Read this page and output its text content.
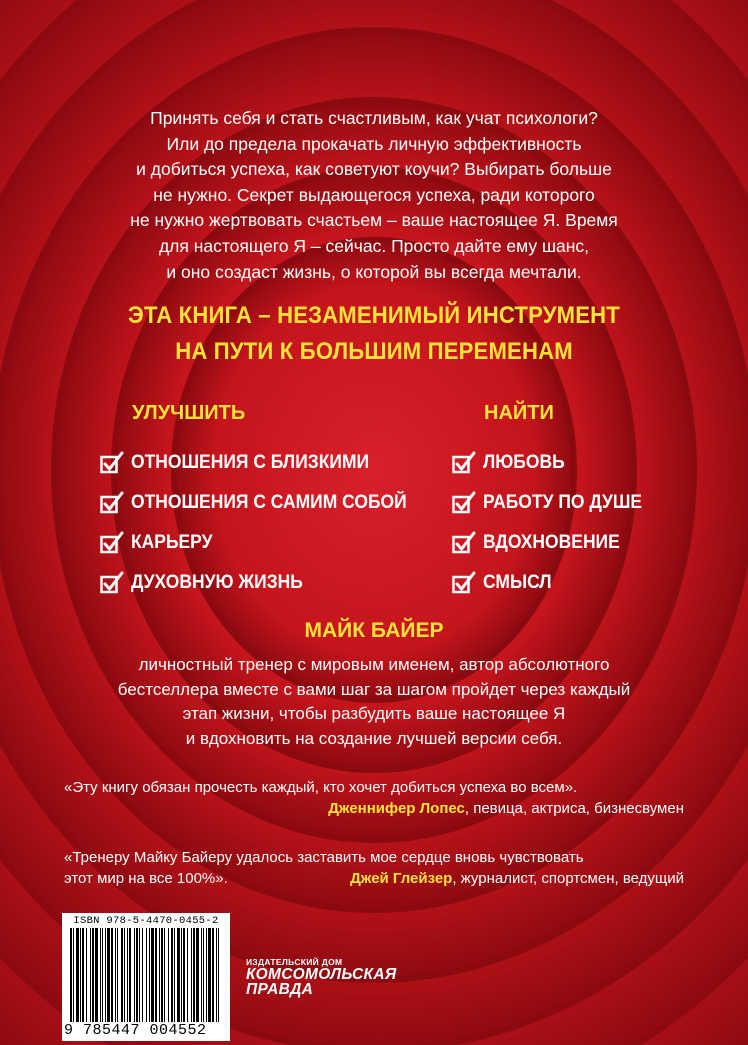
Принять себя и стать счастливым, как учат психологи?
Или до предела прокачать личную эффективность
и добиться успеха, как советуют коучи? Выбирать больше
не нужно. Секрет выдающегося успеха, ради которого
не нужно жертвовать счастьем – ваше настоящее Я. Время
для настоящего Я – сейчас. Просто дайте ему шанс,
и оно создаст жизнь, о которой вы всегда мечтали.
ЭТА КНИГА – НЕЗАМЕНИМЫЙ ИНСТРУМЕНТ
НА ПУТИ К БОЛЬШИМ ПЕРЕМЕНАМ
УЛУЧШИТЬ
ОТНОШЕНИЯ С БЛИЗКИМИ
ОТНОШЕНИЯ С САМИМ СОБОЙ
КАРЬЕРУ
ДУХОВНУЮ ЖИЗНЬ
НАЙТИ
ЛЮБОВЬ
РАБОТУ ПО ДУШЕ
ВДОХНОВЕНИЕ
СМЫСЛ
МАЙК БАЙЕР
личностный тренер с мировым именем, автор абсолютного
бестселлера вместе с вами шаг за шагом пройдет через каждый
этап жизни, чтобы разбудить ваше настоящее Я
и вдохновить на создание лучшей версии себя.
«Эту книгу обязан прочесть каждый, кто хочет добиться успеха во всем».
Дженнифер Лопес, певица, актриса, бизнесвумен
«Тренеру Майку Байеру удалось заставить мое сердце вновь чувствовать
этот мир на все 100%».	Джей Глейзер, журналист, спортсмен, ведущий
ISBN 978-5-4470-0455-2
9 785447 004552
ИЗДАТЕЛЬСКИЙ ДОМ
КОМСОМОЛЬСКАЯ
ПРАВДА
